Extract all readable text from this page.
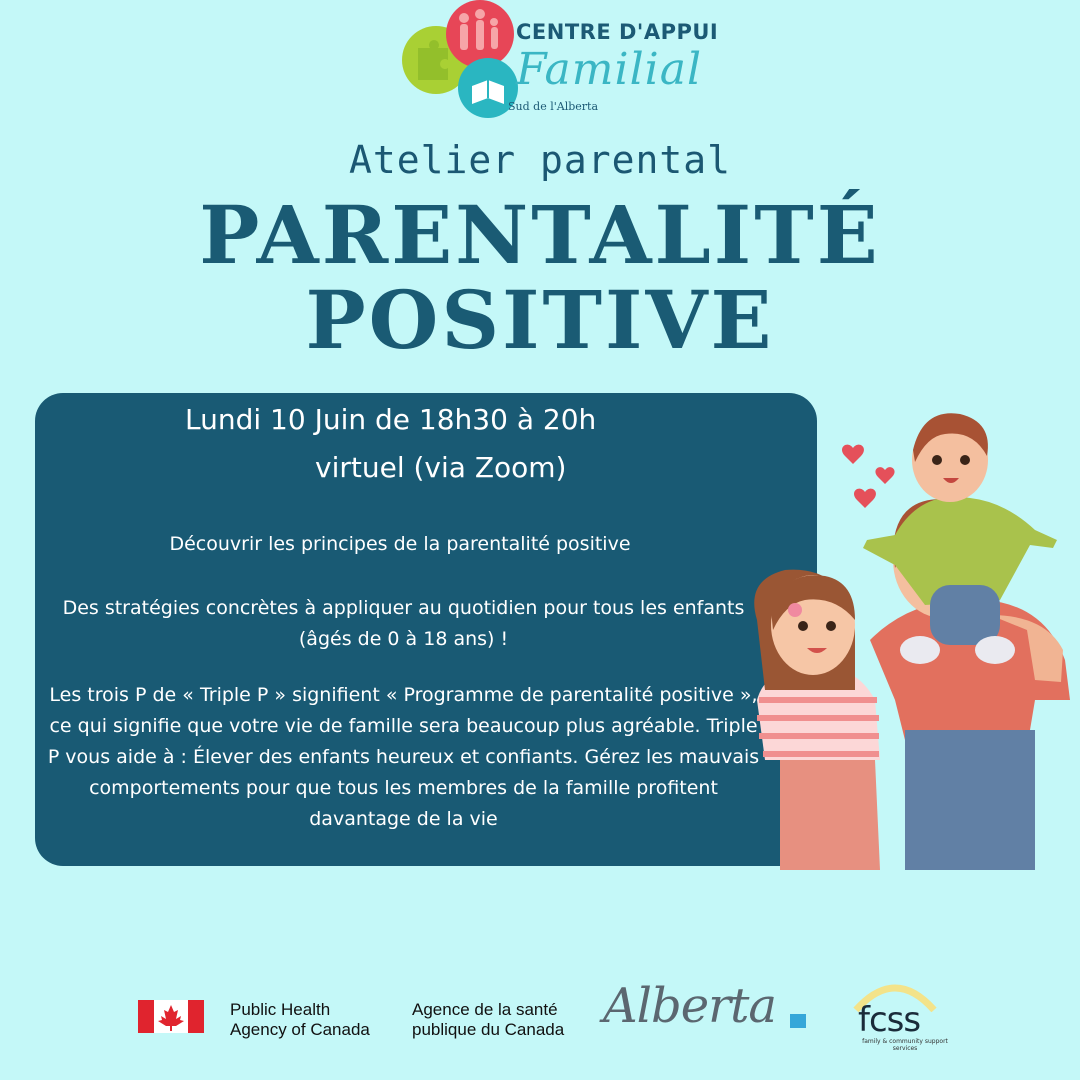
CENTRE D'APPUI
Familial
Sud de l'Alberta
Atelier parental
PARENTALITÉ
POSITIVE
Lundi 10 Juin de 18h30 à 20h
virtuel (via Zoom)
Découvrir les principes de la parentalité positive
Des stratégies concrètes à appliquer au quotidien pour tous les enfants (âgés de 0 à 18 ans) !
Les trois P de « Triple P » signifient « Programme de parentalité positive », ce qui signifie que votre vie de famille sera beaucoup plus agréable. Triple P vous aide à : Élever des enfants heureux et confiants. Gérez les mauvais comportements pour que tous les membres de la famille profitent davantage de la vie
Public Health
Agency of Canada
Agence de la santé
publique du Canada Alberta fcss
family & community support services
